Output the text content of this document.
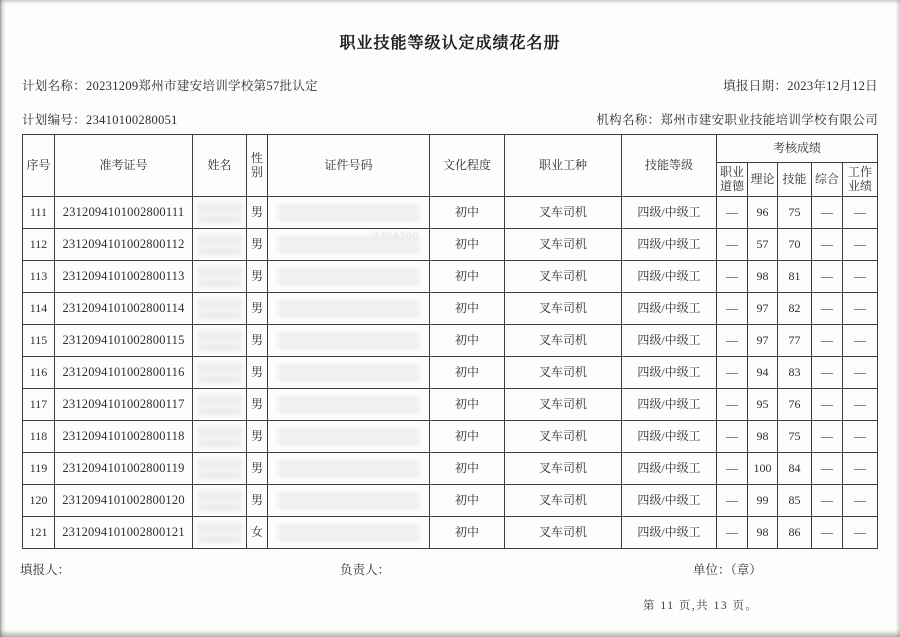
职业技能等级认定成绩花名册
计划名称：20231209郑州市建安培训学校第57批认定	填报日期：2023年12月12日
计划编号：23410100280051	机构名称：郑州市建安职业技能培训学校有限公司
序号	准考证号	姓名	性别	证件号码	文化程度	职业工种	技能等级	考核成绩				
								职业道德	理论	技能	综合	工作业绩
111	2312094101002800111		男		初中	叉车司机	四级/中级工	—	96	75	—	—
112	2312094101002800112		男		初中	叉车司机	四级/中级工	—	57	70	—	—
113	2312094101002800113		男		初中	叉车司机	四级/中级工	—	98	81	—	—
114	2312094101002800114		男		初中	叉车司机	四级/中级工	—	97	82	—	—
115	2312094101002800115		男		初中	叉车司机	四级/中级工	—	97	77	—	—
116	2312094101002800116		男		初中	叉车司机	四级/中级工	—	94	83	—	—
117	2312094101002800117		男		初中	叉车司机	四级/中级工	—	95	76	—	—
118	2312094101002800118		男		初中	叉车司机	四级/中级工	—	98	75	—	—
119	2312094101002800119		男		初中	叉车司机	四级/中级工	—	100	84	—	—
120	2312094101002800120		男		初中	叉车司机	四级/中级工	—	99	85	—	—
121	2312094101002800121		女		初中	叉车司机	四级/中级工	—	98	86	—	—
填报人：	负责人：	单位：（章）
第 11 页,共 13 页。
